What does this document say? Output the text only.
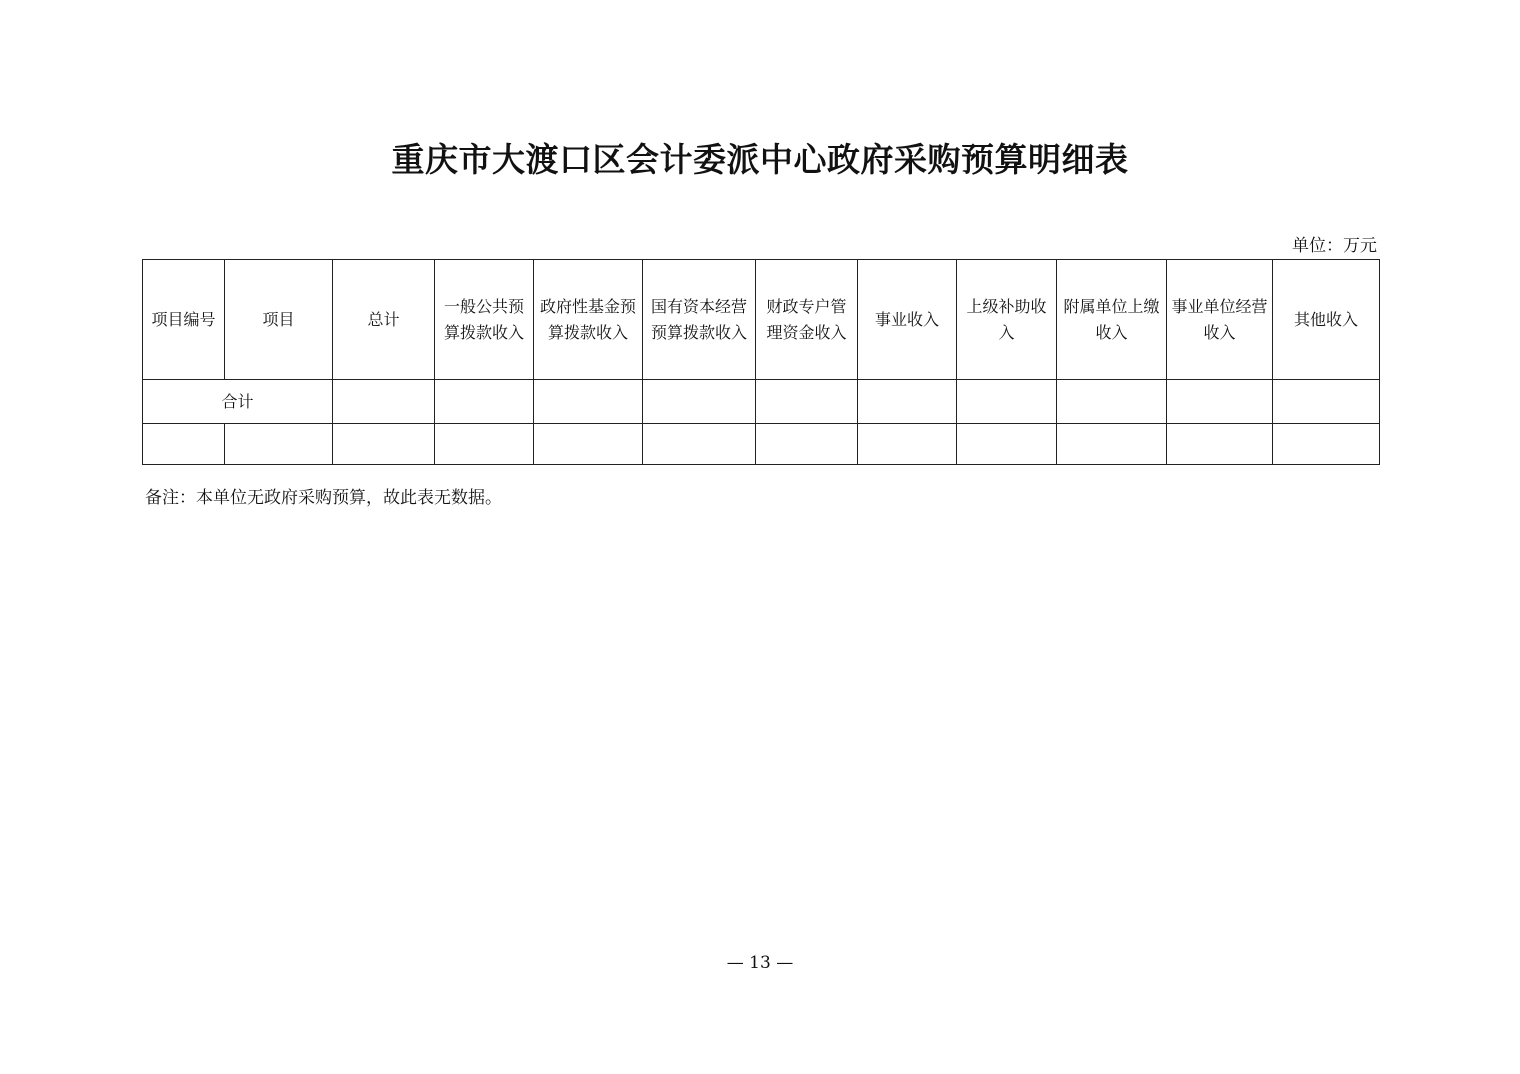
重庆市大渡口区会计委派中心政府采购预算明细表
单位：万元
项目编号	项目	总计	一般公共预算拨款收入	政府性基金预算拨款收入	国有资本经营预算拨款收入	财政专户管理资金收入	事业收入	上级补助收入	附属单位上缴收入	事业单位经营收入	其他收入
合计											

备注：本单位无政府采购预算，故此表无数据。
— 13 —
